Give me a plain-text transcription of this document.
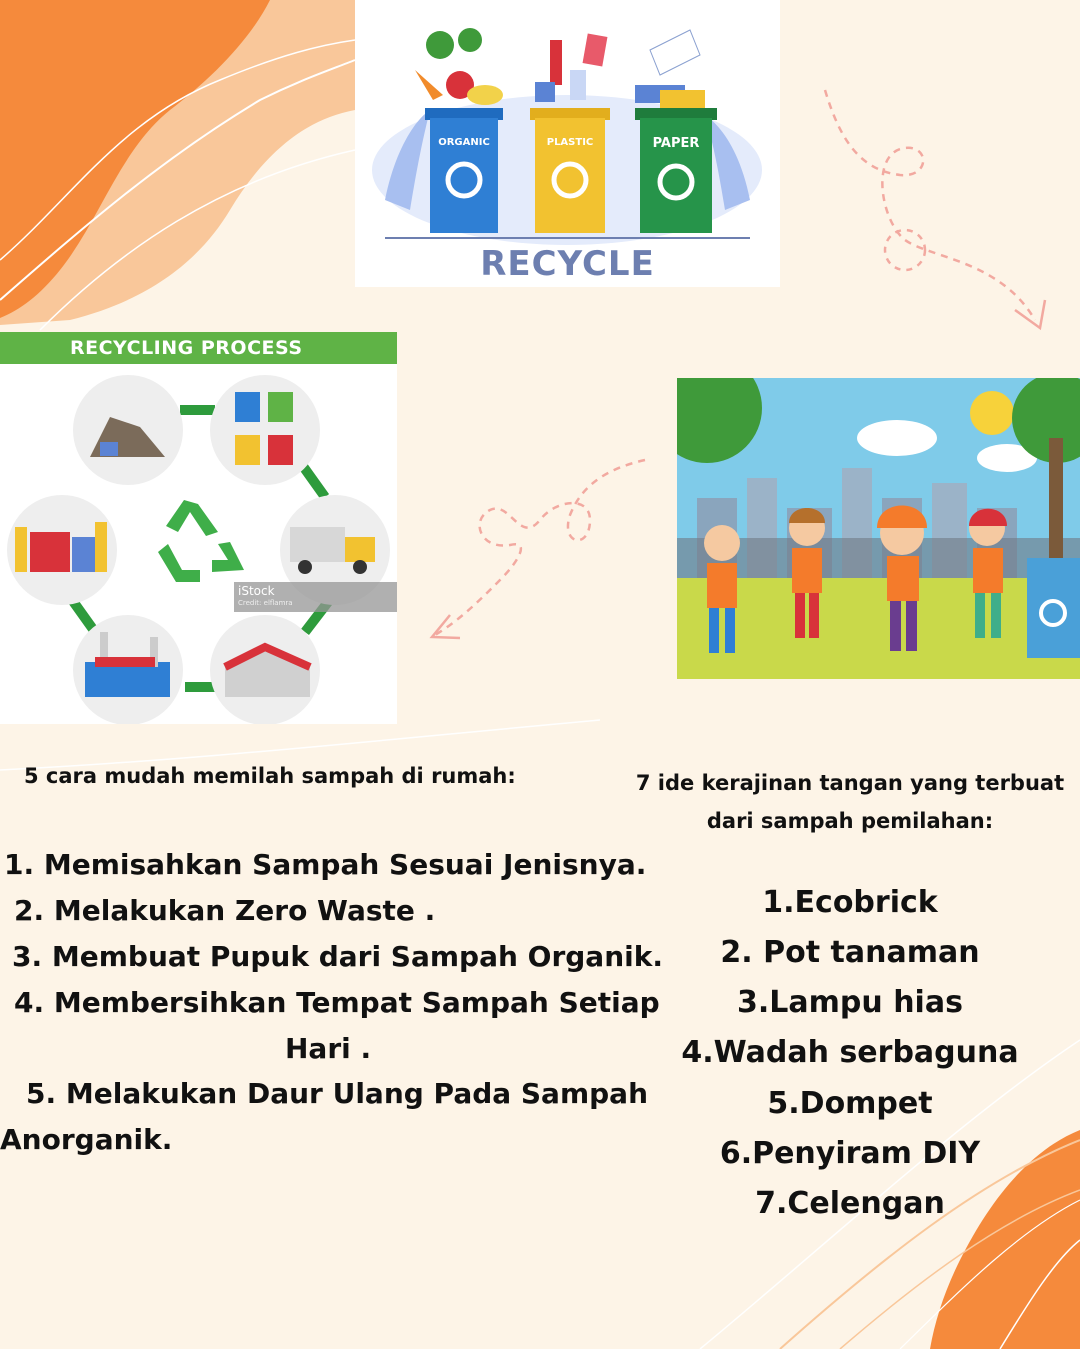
ORGANIC	PLASTIC	PAPER
RECYCLE
RECYCLING PROCESS
iStock
Credit: elflamra
5 cara mudah memilah sampah di rumah:
1. Memisahkan Sampah Sesuai Jenisnya.
2. Melakukan Zero Waste .
3. Membuat Pupuk dari Sampah Organik.
4. Membersihkan Tempat Sampah Setiap
Hari .
5. Melakukan Daur Ulang Pada Sampah
Anorganik.
7 ide kerajinan tangan yang terbuat
dari sampah pemilahan:
1.Ecobrick
2. Pot tanaman
3.Lampu hias
4.Wadah serbaguna
5.Dompet
6.Penyiram DIY
7.Celengan
